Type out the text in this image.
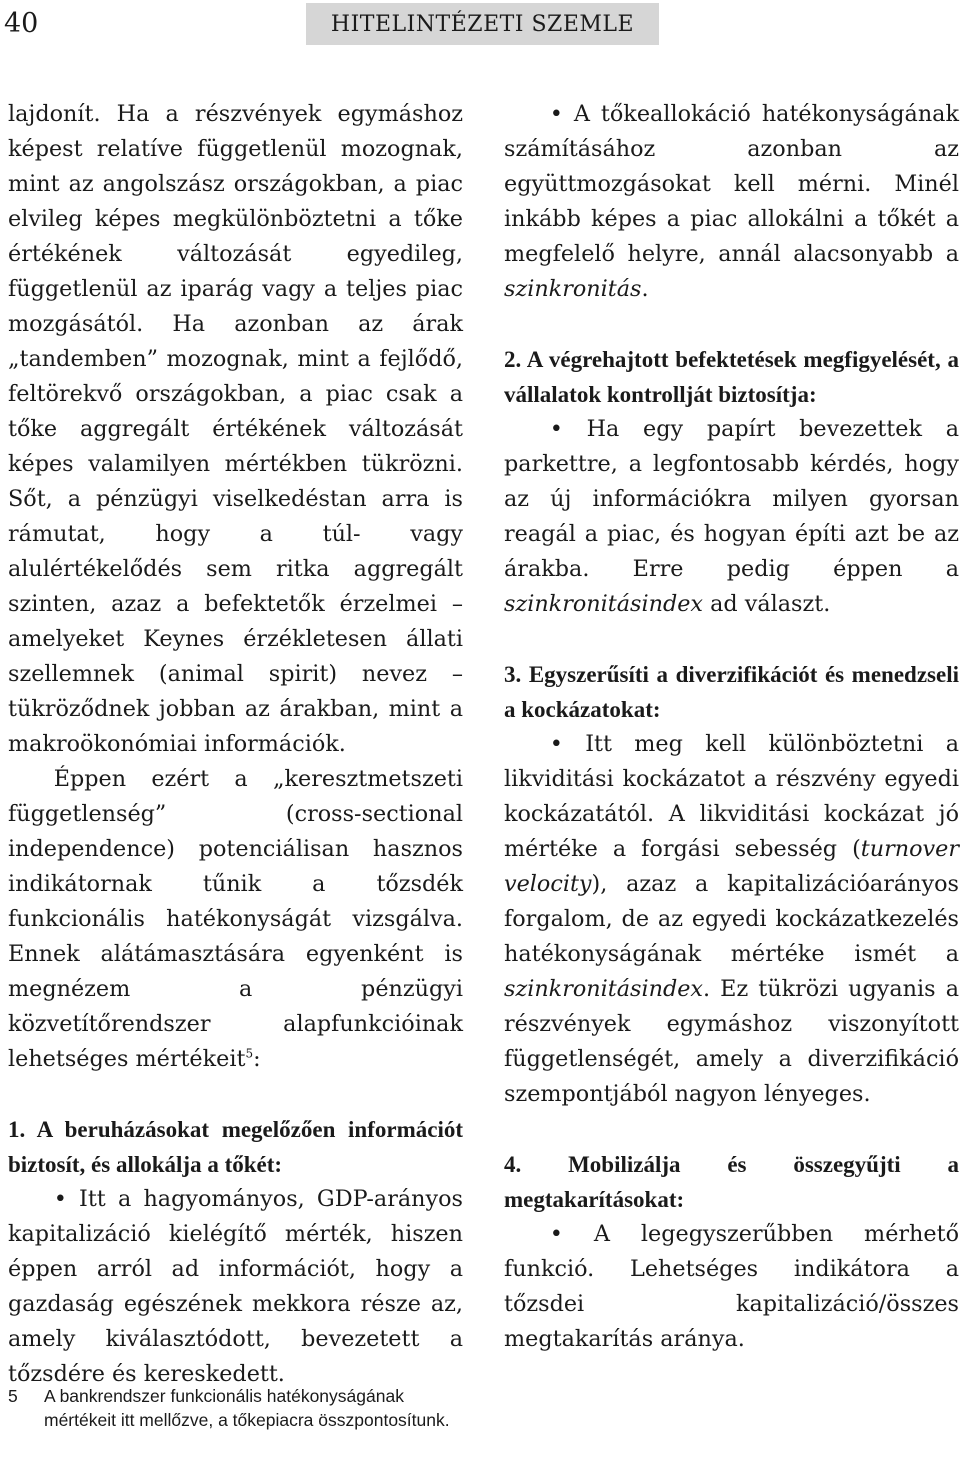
40	HITELINTÉZETI SZEMLE

lajdonít. Ha a részvények egymáshoz képest relatíve függetlenül mozognak, mint az angolszász országokban, a piac elvileg képes megkülönböztetni a tőke értékének változását egyedileg, függetlenül az iparág vagy a teljes piac mozgásától. Ha azonban az árak „tandemben” mozognak, mint a fejlődő, feltörekvő országokban, a piac csak a tőke aggregált értékének változását képes valamilyen mértékben tükrözni. Sőt, a pénzügyi viselkedéstan arra is rámutat, hogy a túl- vagy alulértékelődés sem ritka aggregált szinten, azaz a befektetők érzelmei – amelyeket Keynes érzékletesen állati szellemnek (animal spirit) nevez – tükröződnek jobban az árakban, mint a makroökonómiai információk.

Éppen ezért a „keresztmetszeti függetlenség” (cross-sectional independence) potenciálisan hasznos indikátornak tűnik a tőzsdék funkcionális hatékonyságát vizsgálva. Ennek alátámasztására egyenként is megnézem a pénzügyi közvetítőrendszer alapfunkcióinak lehetséges mértékeit$^5$:

1. A beruházásokat megelőzően információt biztosít, és allokálja a tőkét:

• Itt a hagyományos, GDP-arányos kapitalizáció kielégítő mérték, hiszen éppen arról ad információt, hogy a gazdaság egészének mekkora része az, amely kiválasztódott, bevezetett a tőzsdére és kereskedett.

• A tőkeallokáció hatékonyságának számításához azonban az együttmozgásokat kell mérni. Minél inkább képes a piac allokálni a tőkét a megfelelő helyre, annál alacsonyabb a szinkronitás.

2. A végrehajtott befektetések megfigyelését, a vállalatok kontrollját biztosítja:

• Ha egy papírt bevezettek a parkettre, a legfontosabb kérdés, hogy az új információkra milyen gyorsan reagál a piac, és hogyan építi azt be az árakba. Erre pedig éppen a szinkronitásindex ad választ.

3. Egyszerűsíti a diverzifikációt és menedzseli a kockázatokat:

• Itt meg kell különböztetni a likviditási kockázatot a részvény egyedi kockázatától. A likviditási kockázat jó mértéke a forgási sebesség (turnover velocity), azaz a kapitalizációarányos forgalom, de az egyedi kockázatkezelés hatékonyságának mértéke ismét a szinkronitásindex. Ez tükrözi ugyanis a részvények egymáshoz viszonyított függetlenségét, amely a diverzifikáció szempontjából nagyon lényeges.

4. Mobilizálja és összegyűjti a megtakarításokat:

• A legegyszerűbben mérhető funkció. Lehetséges indikátora a tőzsdei kapitalizáció/összes megtakarítás aránya.

5 A bankrendszer funkcionális hatékonyságának mértékeit itt mellőzve, a tőkepiacra összpontosítunk.
